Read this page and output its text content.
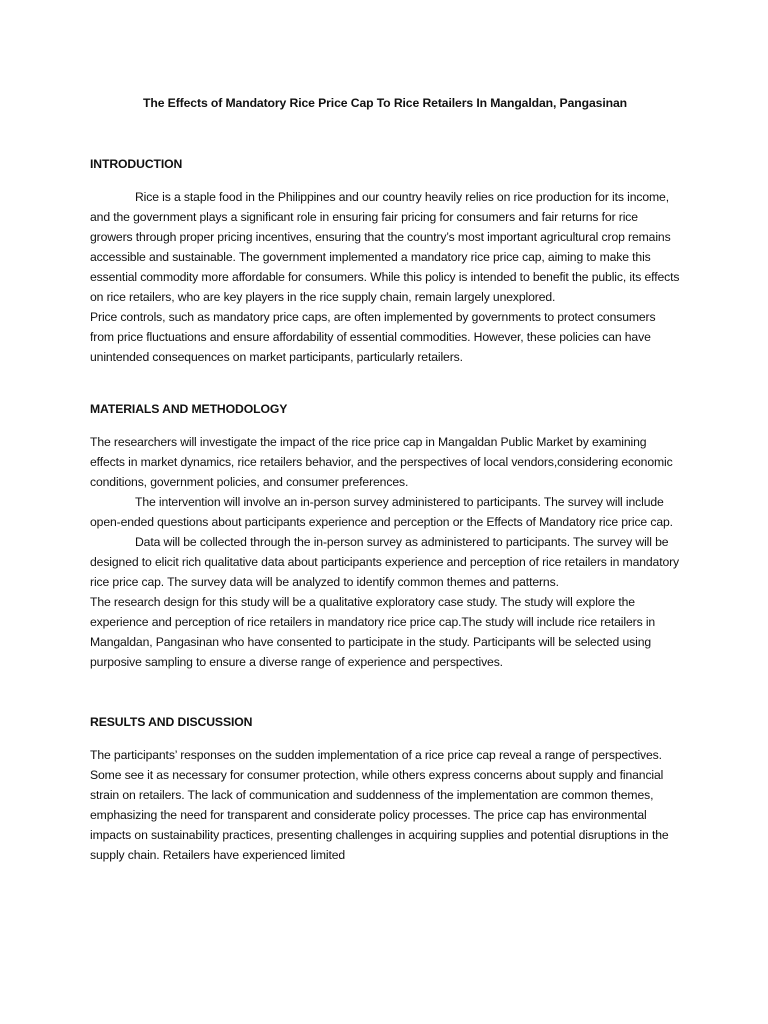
The Effects of Mandatory Rice Price Cap To Rice Retailers In Mangaldan, Pangasinan
INTRODUCTION

Rice is a staple food in the Philippines and our country heavily relies on rice production for its income, and the government plays a significant role in ensuring fair pricing for consumers and fair returns for rice growers through proper pricing incentives, ensuring that the country’s most important agricultural crop remains accessible and sustainable. The government implemented a mandatory rice price cap, aiming to make this essential commodity more affordable for consumers. While this policy is intended to benefit the public, its effects on rice retailers, who are key players in the rice supply chain, remain largely unexplored.

Price controls, such as mandatory price caps, are often implemented by governments to protect consumers from price fluctuations and ensure affordability of essential commodities. However, these policies can have unintended consequences on market participants, particularly retailers.

MATERIALS AND METHODOLOGY

The researchers will investigate the impact of the rice price cap in Mangaldan Public Market by examining effects in market dynamics, rice retailers behavior, and the perspectives of local vendors,considering economic conditions, government policies, and consumer preferences.

The intervention will involve an in-person survey administered to participants. The survey will include open-ended questions about participants experience and perception or the Effects of Mandatory rice price cap.

Data will be collected through the in-person survey as administered to participants. The survey will be designed to elicit rich qualitative data about participants experience and perception of rice retailers in mandatory rice price cap. The survey data will be analyzed to identify common themes and patterns.

The research design for this study will be a qualitative exploratory case study. The study will explore the experience and perception of rice retailers in mandatory rice price cap.The study will include rice retailers in Mangaldan, Pangasinan who have consented to participate in the study. Participants will be selected using purposive sampling to ensure a diverse range of experience and perspectives.

RESULTS AND DISCUSSION

The participants’ responses on the sudden implementation of a rice price cap reveal a range of perspectives. Some see it as necessary for consumer protection, while others express concerns about supply and financial strain on retailers. The lack of communication and suddenness of the implementation are common themes, emphasizing the need for transparent and considerate policy processes. The price cap has environmental impacts on sustainability practices, presenting challenges in acquiring supplies and potential disruptions in the supply chain. Retailers have experienced limited
